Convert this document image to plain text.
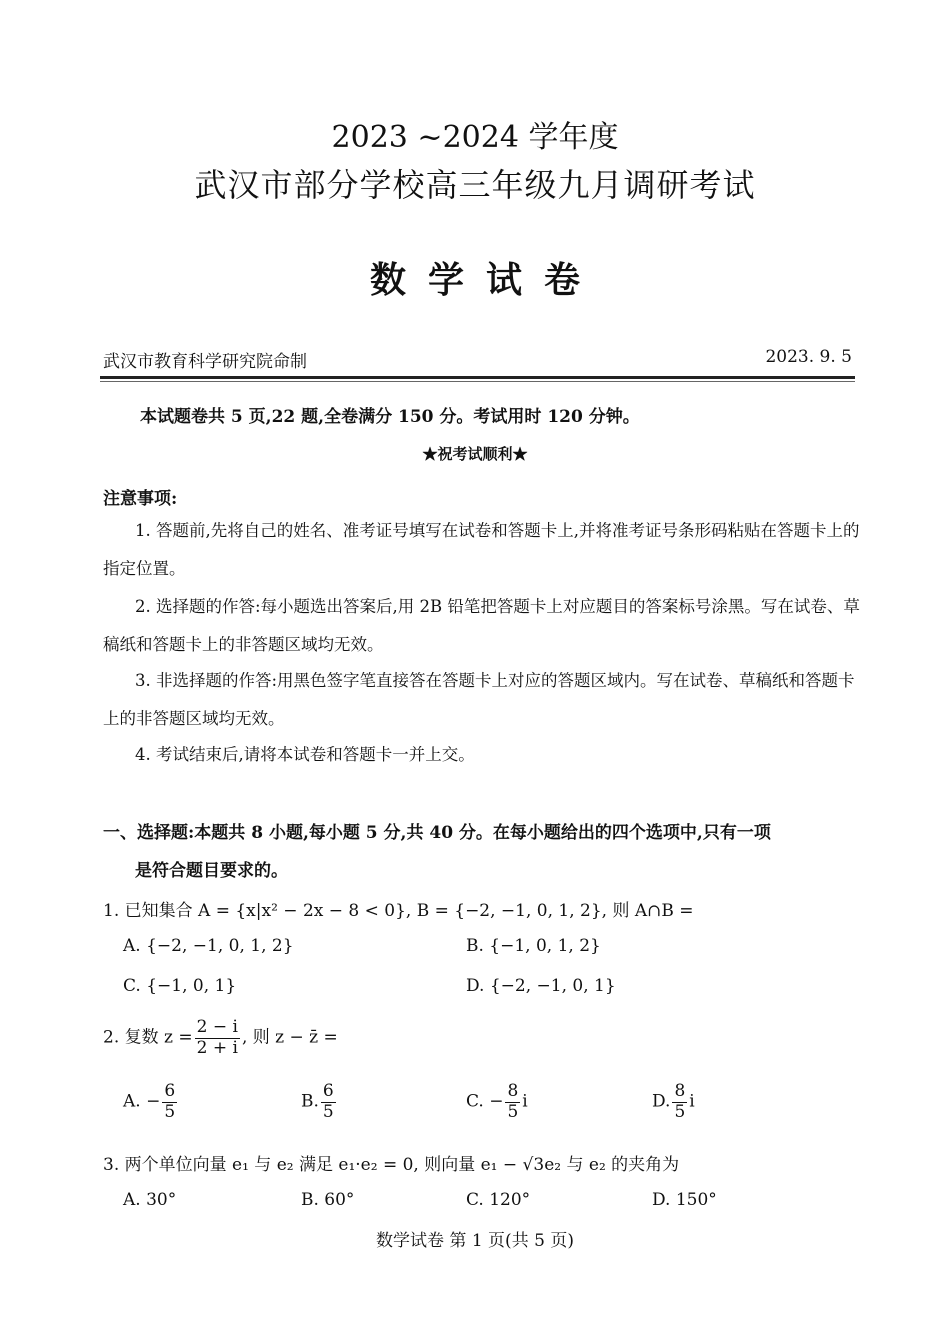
2023 ~2024 学年度
武汉市部分学校高三年级九月调研考试
数学试卷
武汉市教育科学研究院命制	2023. 9. 5
本试题卷共 5 页,22 题,全卷满分 150 分。考试用时 120 分钟。
★祝考试顺利★
注意事项:
1. 答题前,先将自己的姓名、准考证号填写在试卷和答题卡上,并将准考证号条形码粘贴在答题卡上的指定位置。
2. 选择题的作答:每小题选出答案后,用 2B 铅笔把答题卡上对应题目的答案标号涂黑。写在试卷、草稿纸和答题卡上的非答题区域均无效。
3. 非选择题的作答:用黑色签字笔直接答在答题卡上对应的答题区域内。写在试卷、草稿纸和答题卡上的非答题区域均无效。
4. 考试结束后,请将本试卷和答题卡一并上交。
一、选择题:本题共 8 小题,每小题 5 分,共 40 分。在每小题给出的四个选项中,只有一项
是符合题目要求的。
1. 已知集合 A = {x|x² − 2x − 8 < 0}, B = {−2, −1, 0, 1, 2}, 则 A∩B =
A. {−2, −1, 0, 1, 2}	B. {−1, 0, 1, 2}
C. {−1, 0, 1}	D. {−2, −1, 0, 1}
2. 复数 $z = \frac{2 - i}{2 + i}$ , 则 z − z̄ =
A. − $\frac{6}{5}$	B. $\frac{6}{5}$	C. − $\frac{8}{5}$ i	D. $\frac{8}{5}$ i
3. 两个单位向量 e₁ 与 e₂ 满足 e₁·e₂ = 0, 则向量 e₁ − √3e₂ 与 e₂ 的夹角为
A. 30°	B. 60°	C. 120°	D. 150°
数学试卷 第 1 页(共 5 页)
